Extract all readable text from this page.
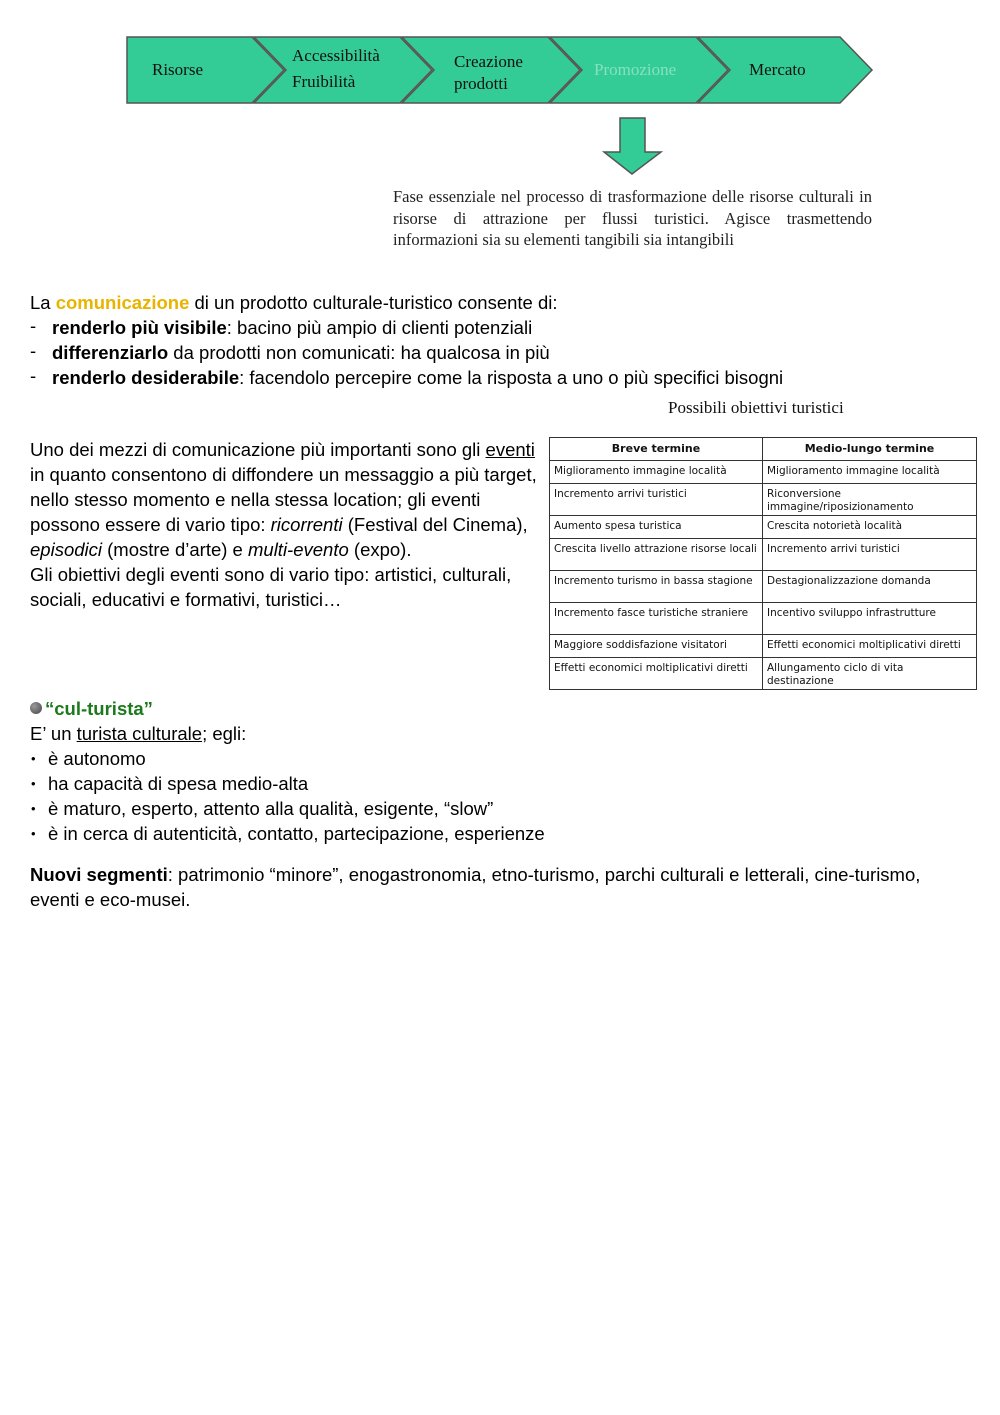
Risorse
Accessibilità
Fruibilità
Creazione
prodotti
Promozione	Mercato
Fase essenziale nel processo di trasformazione delle risorse culturali in risorse di attrazione per flussi turistici. Agisce trasmettendo informazioni sia su elementi tangibili sia intangibili
La comunicazione di un prodotto culturale-turistico consente di:
- renderlo più visibile: bacino più ampio di clienti potenziali
- differenziarlo da prodotti non comunicati: ha qualcosa in più
- renderlo desiderabile: facendolo percepire come la risposta a uno o più specifici bisogni
Possibili obiettivi turistici
Breve termine	Medio-lungo termine
Miglioramento immagine località	Miglioramento immagine località
Incremento arrivi turistici	Riconversione immagine/riposizionamento
Aumento spesa turistica	Crescita notorietà località
Crescita livello attrazione risorse locali	Incremento arrivi turistici
Incremento turismo in bassa stagione	Destagionalizzazione domanda
Incremento fasce turistiche straniere	Incentivo sviluppo infrastrutture
Maggiore soddisfazione visitatori	Effetti economici moltiplicativi diretti
Effetti economici moltiplicativi diretti	Allungamento ciclo di vita destinazione
Uno dei mezzi di comunicazione più importanti sono gli eventi in quanto consentono di diffondere un messaggio a più target, nello stesso momento e nella stessa location; gli eventi possono essere di vario tipo: ricorrenti (Festival del Cinema), episodici (mostre d’arte) e multi-evento (expo).
Gli obiettivi degli eventi sono di vario tipo: artistici, culturali, sociali, educativi e formativi, turistici…
“cul-turista”
E’ un turista culturale; egli:
• è autonomo
• ha capacità di spesa medio-alta
• è maturo, esperto, attento alla qualità, esigente, “slow”
• è in cerca di autenticità, contatto, partecipazione, esperienze
Nuovi segmenti: patrimonio “minore”, enogastronomia, etno-turismo, parchi culturali e letterali, cine-turismo, eventi e eco-musei.
